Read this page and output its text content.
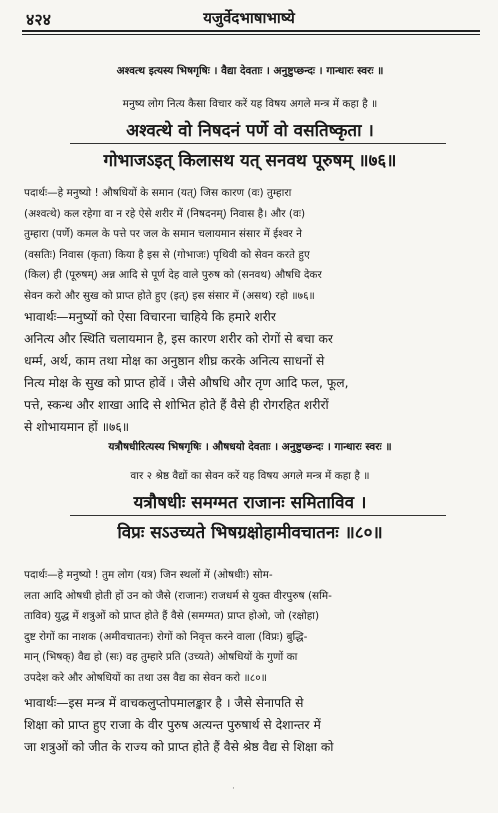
४२४	यजुर्वेदभाषाभाष्ये
अश्वत्थ इत्यस्य भिषगृषिः । वैद्या देवताः । अनुष्टुप्छन्दः । गान्धारः स्वरः ॥
मनुष्य लोग नित्य कैसा विचार करें यह विषय अगले मन्त्र में कहा है ॥
अश्वत्थे वो निषदनं पर्णे वो वसतिष्कृता ।
गोभाजऽइत् किलासथ यत् सनवथ पूरुषम् ॥७६॥
पदार्थः—हे मनुष्यो ! औषधियों के समान (यत्) जिस कारण (वः) तुम्हारा
(अश्वत्थे) कल रहेगा वा न रहे ऐसे शरीर में (निषदनम्) निवास है। और (वः)
तुम्हारा (पर्णे) कमल के पत्ते पर जल के समान चलायमान संसार में ईश्वर ने
(वसतिः) निवास (कृता) किया है इस से (गोभाजः) पृथिवी को सेवन करते हुए
(किल) ही (पूरुषम्) अन्न आदि से पूर्ण देह वाले पुरुष को (सनवथ) औषधि देकर
सेवन करो और सुख को प्राप्त होते हुए (इत्) इस संसार में (असथ) रहो ॥७६॥
भावार्थः—मनुष्यों को ऐसा विचारना चाहिये कि हमारे शरीर
अनित्य और स्थिति चलायमान है, इस कारण शरीर को रोगों से बचा कर
धर्म्म, अर्थ, काम तथा मोक्ष का अनुष्ठान शीघ्र करके अनित्य साधनों से
नित्य मोक्ष के सुख को प्राप्त होवें । जैसे औषधि और तृण आदि फल, फूल,
पत्ते, स्कन्ध और शाखा आदि से शोभित होते हैं वैसे ही रोगरहित शरीरों
से शोभायमान हों ॥७६॥
यत्रौषधीरित्यस्य भिषगृषिः । औषधयो देवताः । अनुष्टुप्छन्दः । गान्धारः स्वरः ॥
वार २ श्रेष्ठ वैद्यों का सेवन करें यह विषय अगले मन्त्र में कहा है ॥
यत्रौषधीः समग्मत राजानः समिताविव ।
विप्रः सऽउच्यते भिषग्रक्षोहामीवचातनः ॥८०॥
पदार्थः—हे मनुष्यो ! तुम लोग (यत्र) जिन स्थलों में (ओषधीः) सोम-
लता आदि ओषधी होती हों उन को जैसे (राजानः) राजधर्म से युक्त वीरपुरुष (समि-
ताविव) युद्ध में शत्रुओं को प्राप्त होते हैं वैसे (समग्मत) प्राप्त होओ, जो (रक्षोहा)
दुष्ट रोगों का नाशक (अमीवचातनः) रोगों को निवृत्त करने वाला (विप्रः) बुद्धि-
मान् (भिषक्) वैद्य हो (सः) वह तुम्हारे प्रति (उच्यते) ओषधियों के गुणों का
उपदेश करे और ओषधियों का तथा उस वैद्य का सेवन करो ॥८०॥
भावार्थः—इस मन्त्र में वाचकलुप्तोपमालङ्कार है । जैसे सेनापति से
शिक्षा को प्राप्त हुए राजा के वीर पुरुष अत्यन्त पुरुषार्थ से देशान्तर में
जा शत्रुओं को जीत के राज्य को प्राप्त होते हैं वैसे श्रेष्ठ वैद्य से शिक्षा को
·
